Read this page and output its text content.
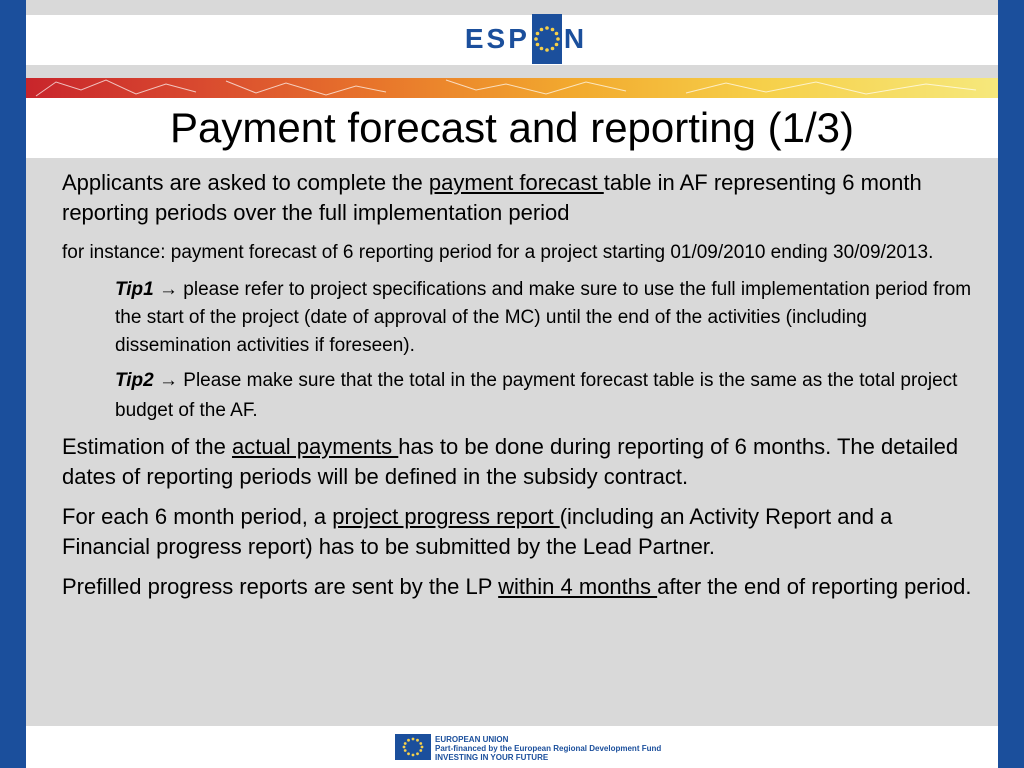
ESP N
Payment forecast and reporting (1/3)

Applicants are asked to complete the payment forecast table in AF representing 6 month reporting periods over the full implementation period

for instance: payment forecast of 6 reporting period for a project starting 01/09/2010 ending 30/09/2013.

Tip1 → please refer to project specifications and make sure to use the full implementation period from the start of the project (date of approval of the MC) until the end of the activities (including dissemination activities if foreseen).

Tip2 → Please make sure that the total in the payment forecast table is the same as the total project budget of the AF.

Estimation of the actual payments has to be done during reporting of 6 months. The detailed dates of reporting periods will be defined in the subsidy contract.

For each 6 month period, a project progress report (including an Activity Report and a Financial progress report) has to be submitted by the Lead Partner.

Prefilled progress reports are sent by the LP within 4 months after the end of reporting period.

EUROPEAN UNION
Part-financed by the European Regional Development Fund
INVESTING IN YOUR FUTURE
